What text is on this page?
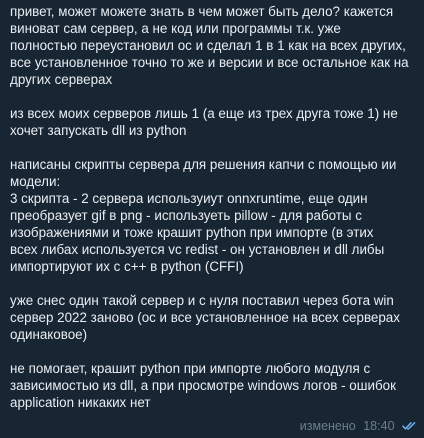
привет, может можете знать в чем может быть дело? кажется
виноват сам сервер, а не код или программы т.к. уже
полностью переустановил ос и сделал 1 в 1 как на всех других,
все установленное точно то же и версии и все остальное как на
других серверах
из всех моих серверов лишь 1 (а еще из трех друга тоже 1) не
хочет запускать dll из python
написаны скрипты сервера для решения капчи с помощью ии
модели:
3 скрипта - 2 сервера используиут onnxruntime, еще один
преобразует gif в png - используеть pillow - для работы с
изображениями и тоже крашит python при импорте (в этих
всех либах используется vc redist - он установлен и dll либы
импортируют их с c++ в python (CFFI)
уже снес один такой сервер и с нуля поставил через бота win
сервер 2022 заново (ос и все установленное на всех серверах
одинаковое)
не помогает, крашит python при импорте любого модуля с
зависимостью из dll, а при просмотре windows логов - ошибок
application никаких нет
изменено 18:40
